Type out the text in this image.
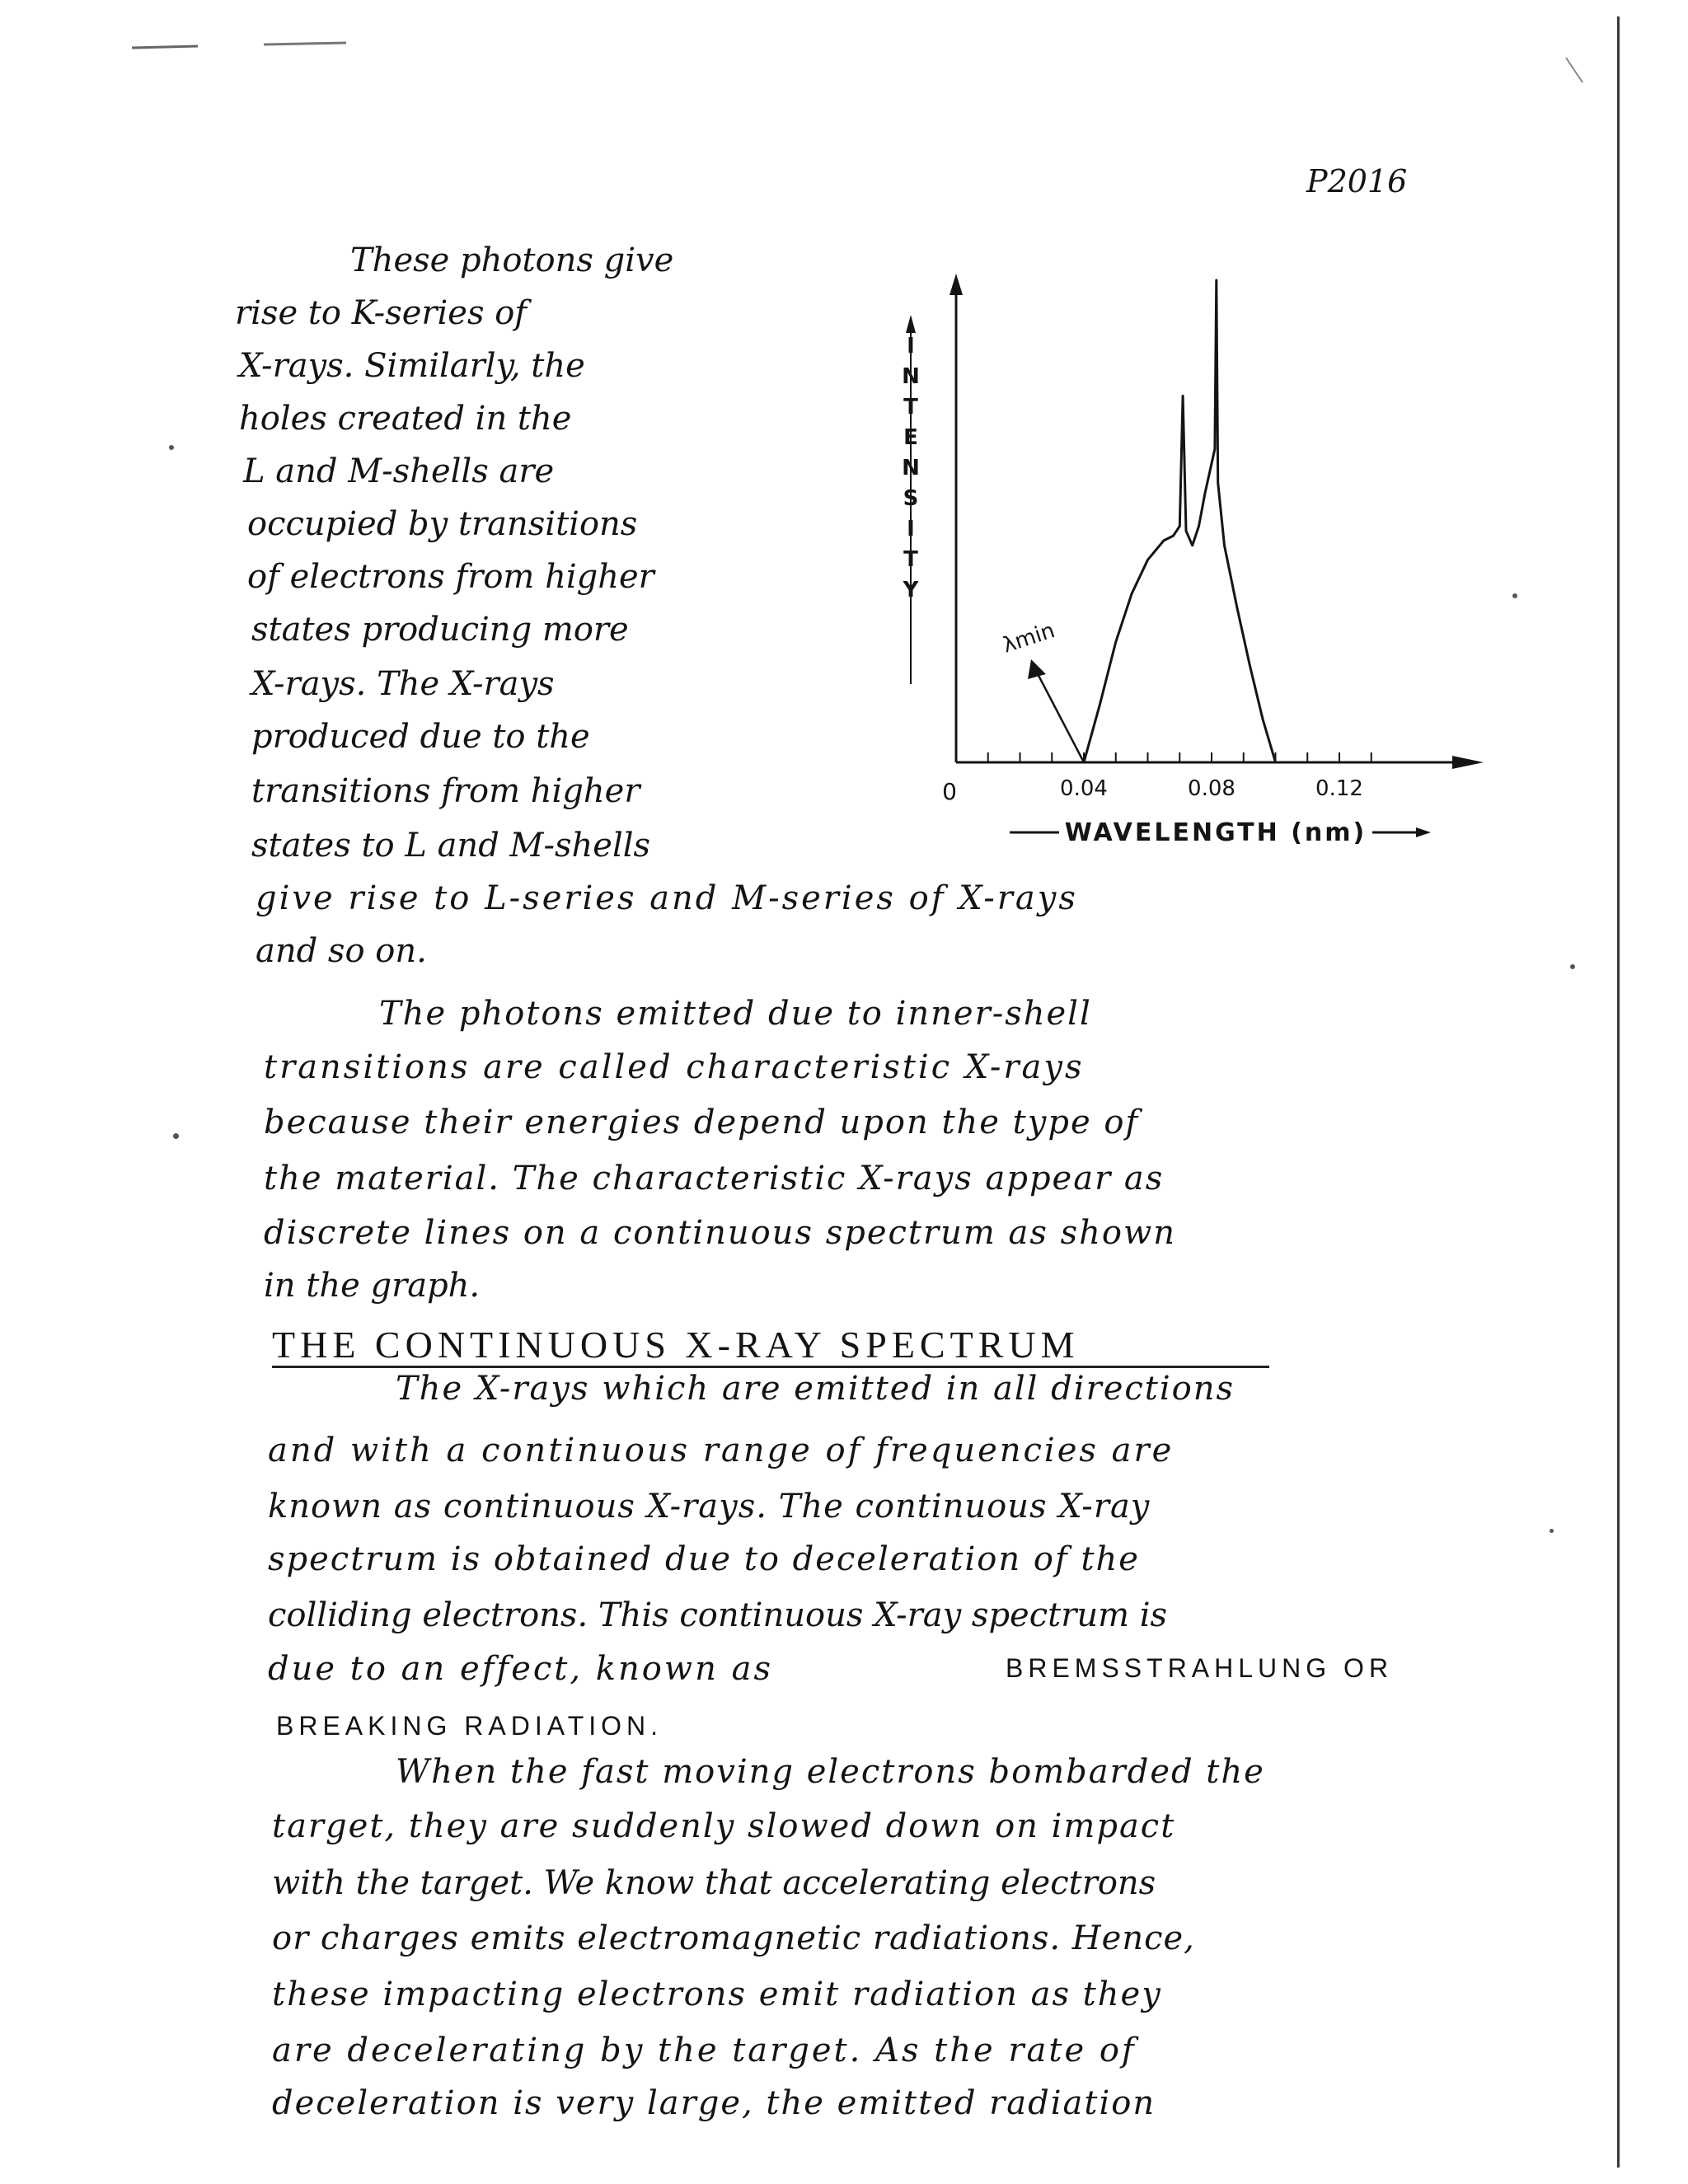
P2016
These photons give
rise to K-series of
X-rays. Similarly, the
holes created in the
L and M-shells are
occupied by transitions
of electrons from higher
states producing more
X-rays. The X-rays
produced due to the
transitions from higher
states to L and M-shells
give rise to L-series and M-series of X-rays
and so on.
I N T E N S I T Y
0.04	0.08	0.12
0
WAVELENGTH (nm)
λmin
The photons emitted due to inner-shell
transitions are called characteristic X-rays
because their energies depend upon the type of
the material. The characteristic X-rays appear as
discrete lines on a continuous spectrum as shown
in the graph.
THE CONTINUOUS X-RAY SPECTRUM
The X-rays which are emitted in all directions
and with a continuous range of frequencies are
known as continuous X-rays. The continuous X-ray
spectrum is obtained due to deceleration of the
colliding electrons. This continuous X-ray spectrum is
due to an effect, known as	BREMSSTRAHLUNG OR
BREAKING RADIATION.
When the fast moving electrons bombarded the
target, they are suddenly slowed down on impact
with the target. We know that accelerating electrons
or charges emits electromagnetic radiations. Hence,
these impacting electrons emit radiation as they
are decelerating by the target. As the rate of
deceleration is very large, the emitted radiation
